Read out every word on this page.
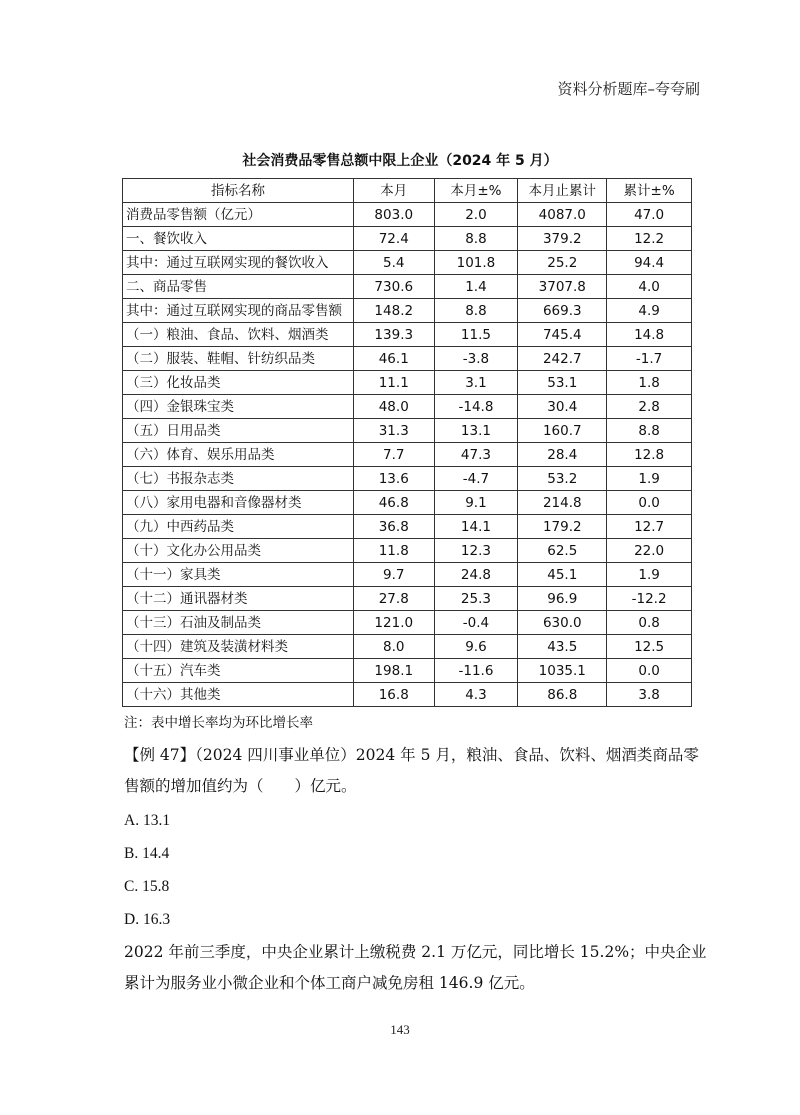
资料分析题库–夸夸刷
社会消费品零售总额中限上企业（2024 年 5 月）
指标名称	本月	本月±%	本月止累计	累计±%
消费品零售额（亿元）	803.0	2.0	4087.0	47.0
一、餐饮收入	72.4	8.8	379.2	12.2
其中：通过互联网实现的餐饮收入	5.4	101.8	25.2	94.4
二、商品零售	730.6	1.4	3707.8	4.0
其中：通过互联网实现的商品零售额	148.2	8.8	669.3	4.9
（一）粮油、食品、饮料、烟酒类	139.3	11.5	745.4	14.8
（二）服装、鞋帽、针纺织品类	46.1	-3.8	242.7	-1.7
（三）化妆品类	11.1	3.1	53.1	1.8
（四）金银珠宝类	48.0	-14.8	30.4	2.8
（五）日用品类	31.3	13.1	160.7	8.8
（六）体育、娱乐用品类	7.7	47.3	28.4	12.8
（七）书报杂志类	13.6	-4.7	53.2	1.9
（八）家用电器和音像器材类	46.8	9.1	214.8	0.0
（九）中西药品类	36.8	14.1	179.2	12.7
（十）文化办公用品类	11.8	12.3	62.5	22.0
（十一）家具类	9.7	24.8	45.1	1.9
（十二）通讯器材类	27.8	25.3	96.9	-12.2
（十三）石油及制品类	121.0	-0.4	630.0	0.8
（十四）建筑及装潢材料类	8.0	9.6	43.5	12.5
（十五）汽车类	198.1	-11.6	1035.1	0.0
（十六）其他类	16.8	4.3	86.8	3.8
注：表中增长率均为环比增长率
【例 47】（2024 四川事业单位）2024 年 5 月，粮油、食品、饮料、烟酒类商品零售额的增加值约为（　　）亿元。
A. 13.1
B. 14.4
C. 15.8
D. 16.3
2022 年前三季度，中央企业累计上缴税费 2.1 万亿元，同比增长 15.2%；中央企业累计为服务业小微企业和个体工商户减免房租 146.9 亿元。
143
